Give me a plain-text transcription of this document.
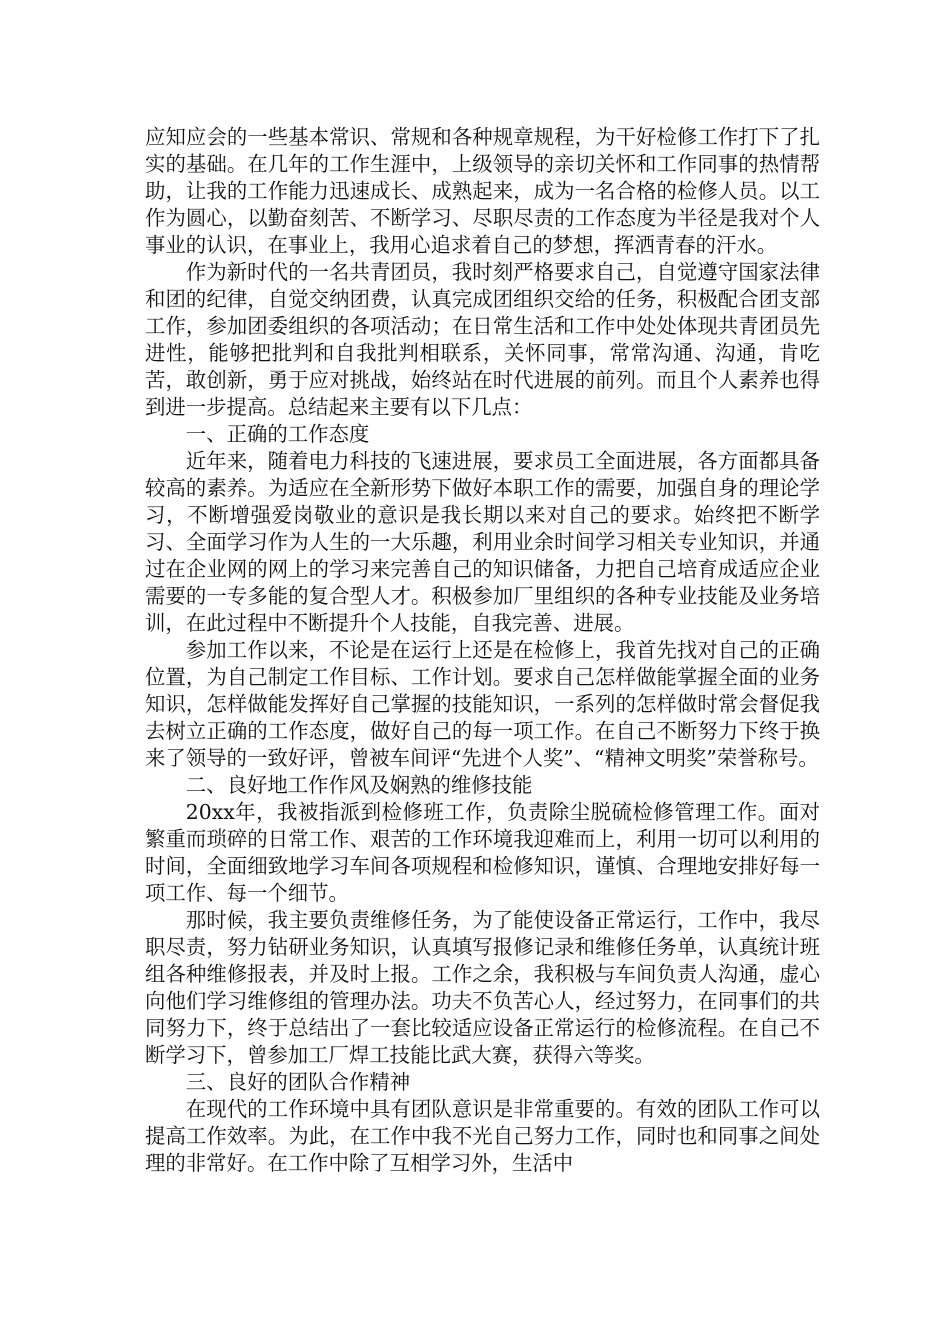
应知应会的一些基本常识、常规和各种规章规程，为干好检修工作打下了扎实的基础。在几年的工作生涯中，上级领导的亲切关怀和工作同事的热情帮助，让我的工作能力迅速成长、成熟起来，成为一名合格的检修人员。以工作为圆心，以勤奋刻苦、不断学习、尽职尽责的工作态度为半径是我对个人事业的认识，在事业上，我用心追求着自己的梦想，挥洒青春的汗水。

作为新时代的一名共青团员，我时刻严格要求自己，自觉遵守国家法律和团的纪律，自觉交纳团费，认真完成团组织交给的任务，积极配合团支部工作，参加团委组织的各项活动；在日常生活和工作中处处体现共青团员先进性，能够把批判和自我批判相联系，关怀同事，常常沟通、沟通，肯吃苦，敢创新，勇于应对挑战，始终站在时代进展的前列。而且个人素养也得到进一步提高。总结起来主要有以下几点：

一、正确的工作态度

近年来，随着电力科技的飞速进展，要求员工全面进展，各方面都具备较高的素养。为适应在全新形势下做好本职工作的需要，加强自身的理论学习，不断增强爱岗敬业的意识是我长期以来对自己的要求。始终把不断学习、全面学习作为人生的一大乐趣，利用业余时间学习相关专业知识，并通过在企业网的网上的学习来完善自己的知识储备，力把自己培育成适应企业需要的一专多能的复合型人才。积极参加厂里组织的各种专业技能及业务培训，在此过程中不断提升个人技能，自我完善、进展。

参加工作以来，不论是在运行上还是在检修上，我首先找对自己的正确位置，为自己制定工作目标、工作计划。要求自己怎样做能掌握全面的业务知识，怎样做能发挥好自己掌握的技能知识，一系列的怎样做时常会督促我去树立正确的工作态度，做好自己的每一项工作。在自己不断努力下终于换来了领导的一致好评，曾被车间评“先进个人奖”、“精神文明奖”荣誉称号。

二、良好地工作作风及娴熟的维修技能

20xx年，我被指派到检修班工作，负责除尘脱硫检修管理工作。面对繁重而琐碎的日常工作、艰苦的工作环境我迎难而上，利用一切可以利用的时间，全面细致地学习车间各项规程和检修知识，谨慎、合理地安排好每一项工作、每一个细节。

那时候，我主要负责维修任务，为了能使设备正常运行，工作中，我尽职尽责，努力钻研业务知识，认真填写报修记录和维修任务单，认真统计班组各种维修报表，并及时上报。工作之余，我积极与车间负责人沟通，虚心向他们学习维修组的管理办法。功夫不负苦心人，经过努力，在同事们的共同努力下，终于总结出了一套比较适应设备正常运行的检修流程。在自己不断学习下，曾参加工厂焊工技能比武大赛，获得六等奖。

三、良好的团队合作精神

在现代的工作环境中具有团队意识是非常重要的。有效的团队工作可以提高工作效率。为此，在工作中我不光自己努力工作，同时也和同事之间处理的非常好。在工作中除了互相学习外，生活中
